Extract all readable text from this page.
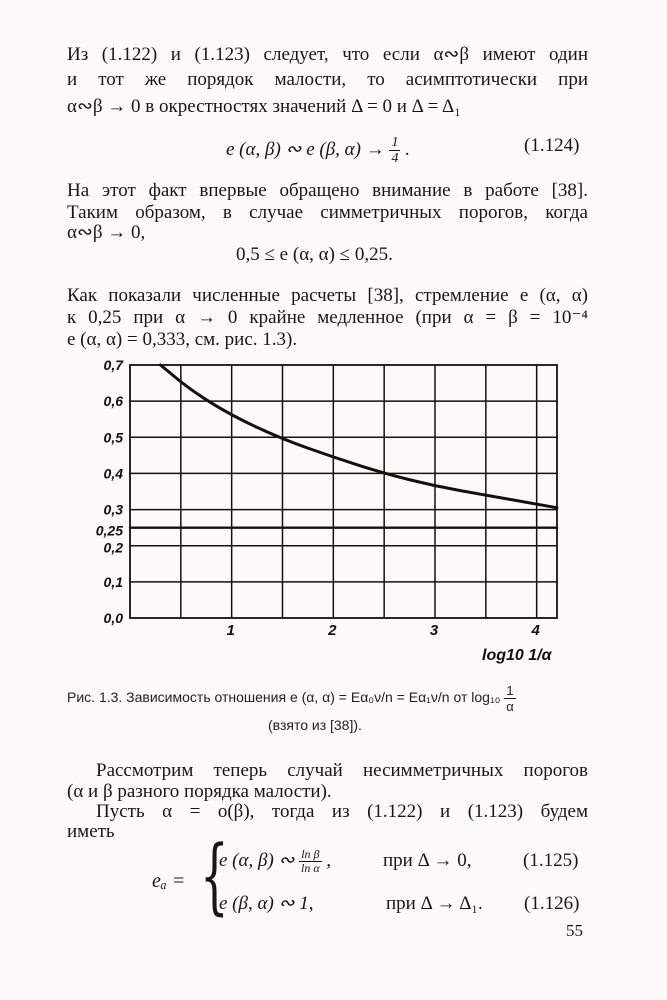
Из (1.122) и (1.123) следует, что если α∾β имеют один
и тот же порядок малости, то асимптотически при
α∾β → 0 в окрестностях значений Δ = 0 и Δ = Δ₁
e (α, β) ∾ e (β, $\alpha) \to \frac{1}{4}$ .	(1.124)
На этот факт впервые обращено внимание в работе [38].
Таким образом, в случае симметричных порогов, когда
α∾β → 0,
0,5 ≤ e (α, α) ≤ 0,25.
Как показали численные расчеты [38], стремление e (α, α)
к 0,25 при α → 0 крайне медленное (при α = β = 10⁻⁴
e (α, α) = 0,333, см. рис. 1.3).
0,0
0,1
0,2
0,25
0,3
0,4
0,5
0,6
0,7
1	2	3	4
log10 1/α
Рис. 1.3. Зависимость отношения e (α, α) = Eα₀ν/n = Eα₁ν/n от $\log_{10} \frac{1}{\alpha}$
(взято из [38]).
Рассмотрим теперь случай несимметричных порогов
(α и β разного порядка малости).
Пусть α = o(β), тогда из (1.122) и (1.123) будем
иметь
eₐ = {
e (α, β) ∾ $\frac{\text{ln β}}{\text{ln α}}$ ,	при Δ → 0,	(1.125)
e (β, α) ∾ 1,	при Δ → Δ₁. (1.126)
55
